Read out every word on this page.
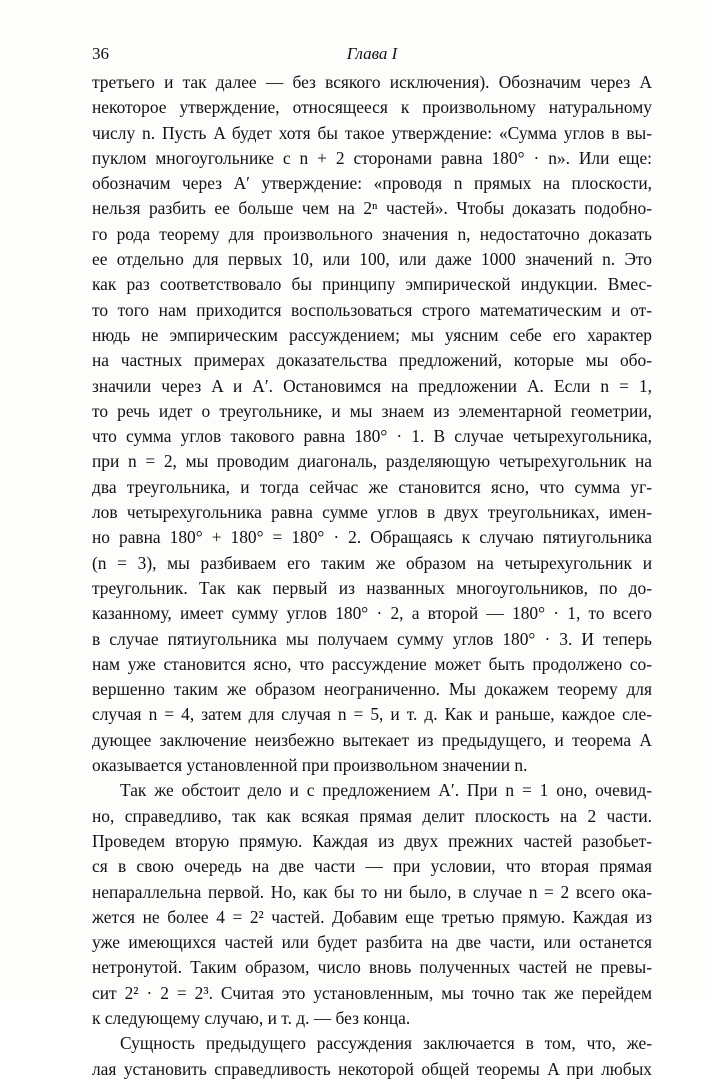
36	Глава I
третьего и так далее — без всякого исключения). Обозначим через A
некоторое утверждение, относящееся к произвольному натуральному
числу n. Пусть A будет хотя бы такое утверждение: «Сумма углов в вы-
пуклом многоугольнике с n + 2 сторонами равна 180° · n». Или еще:
обозначим через A′ утверждение: «проводя n прямых на плоскости,
нельзя разбить ее больше чем на 2ⁿ частей». Чтобы доказать подобно-
го рода теорему для произвольного значения n, недостаточно доказать
ее отдельно для первых 10, или 100, или даже 1000 значений n. Это
как раз соответствовало бы принципу эмпирической индукции. Вмес-
то того нам приходится воспользоваться строго математическим и от-
нюдь не эмпирическим рассуждением; мы уясним себе его характер
на частных примерах доказательства предложений, которые мы обо-
значили через A и A′. Остановимся на предложении A. Если n = 1,
то речь идет о треугольнике, и мы знаем из элементарной геометрии,
что сумма углов такового равна 180° · 1. В случае четырехугольника,
при n = 2, мы проводим диагональ, разделяющую четырехугольник на
два треугольника, и тогда сейчас же становится ясно, что сумма уг-
лов четырехугольника равна сумме углов в двух треугольниках, имен-
но равна 180° + 180° = 180° · 2. Обращаясь к случаю пятиугольника
(n = 3), мы разбиваем его таким же образом на четырехугольник и
треугольник. Так как первый из названных многоугольников, по до-
казанному, имеет сумму углов 180° · 2, а второй — 180° · 1, то всего
в случае пятиугольника мы получаем сумму углов 180° · 3. И теперь
нам уже становится ясно, что рассуждение может быть продолжено со-
вершенно таким же образом неограниченно. Мы докажем теорему для
случая n = 4, затем для случая n = 5, и т. д. Как и раньше, каждое сле-
дующее заключение неизбежно вытекает из предыдущего, и теорема A
оказывается установленной при произвольном значении n.
Так же обстоит дело и с предложением A′. При n = 1 оно, очевид-
но, справедливо, так как всякая прямая делит плоскость на 2 части.
Проведем вторую прямую. Каждая из двух прежних частей разобьет-
ся в свою очередь на две части — при условии, что вторая прямая
непараллельна первой. Но, как бы то ни было, в случае n = 2 всего ока-
жется не более 4 = 2² частей. Добавим еще третью прямую. Каждая из
уже имеющихся частей или будет разбита на две части, или останется
нетронутой. Таким образом, число вновь полученных частей не превы-
сит 2² · 2 = 2³. Считая это установленным, мы точно так же перейдем
к следующему случаю, и т. д. — без конца.
Сущность предыдущего рассуждения заключается в том, что, же-
лая установить справедливость некоторой общей теоремы A при любых
